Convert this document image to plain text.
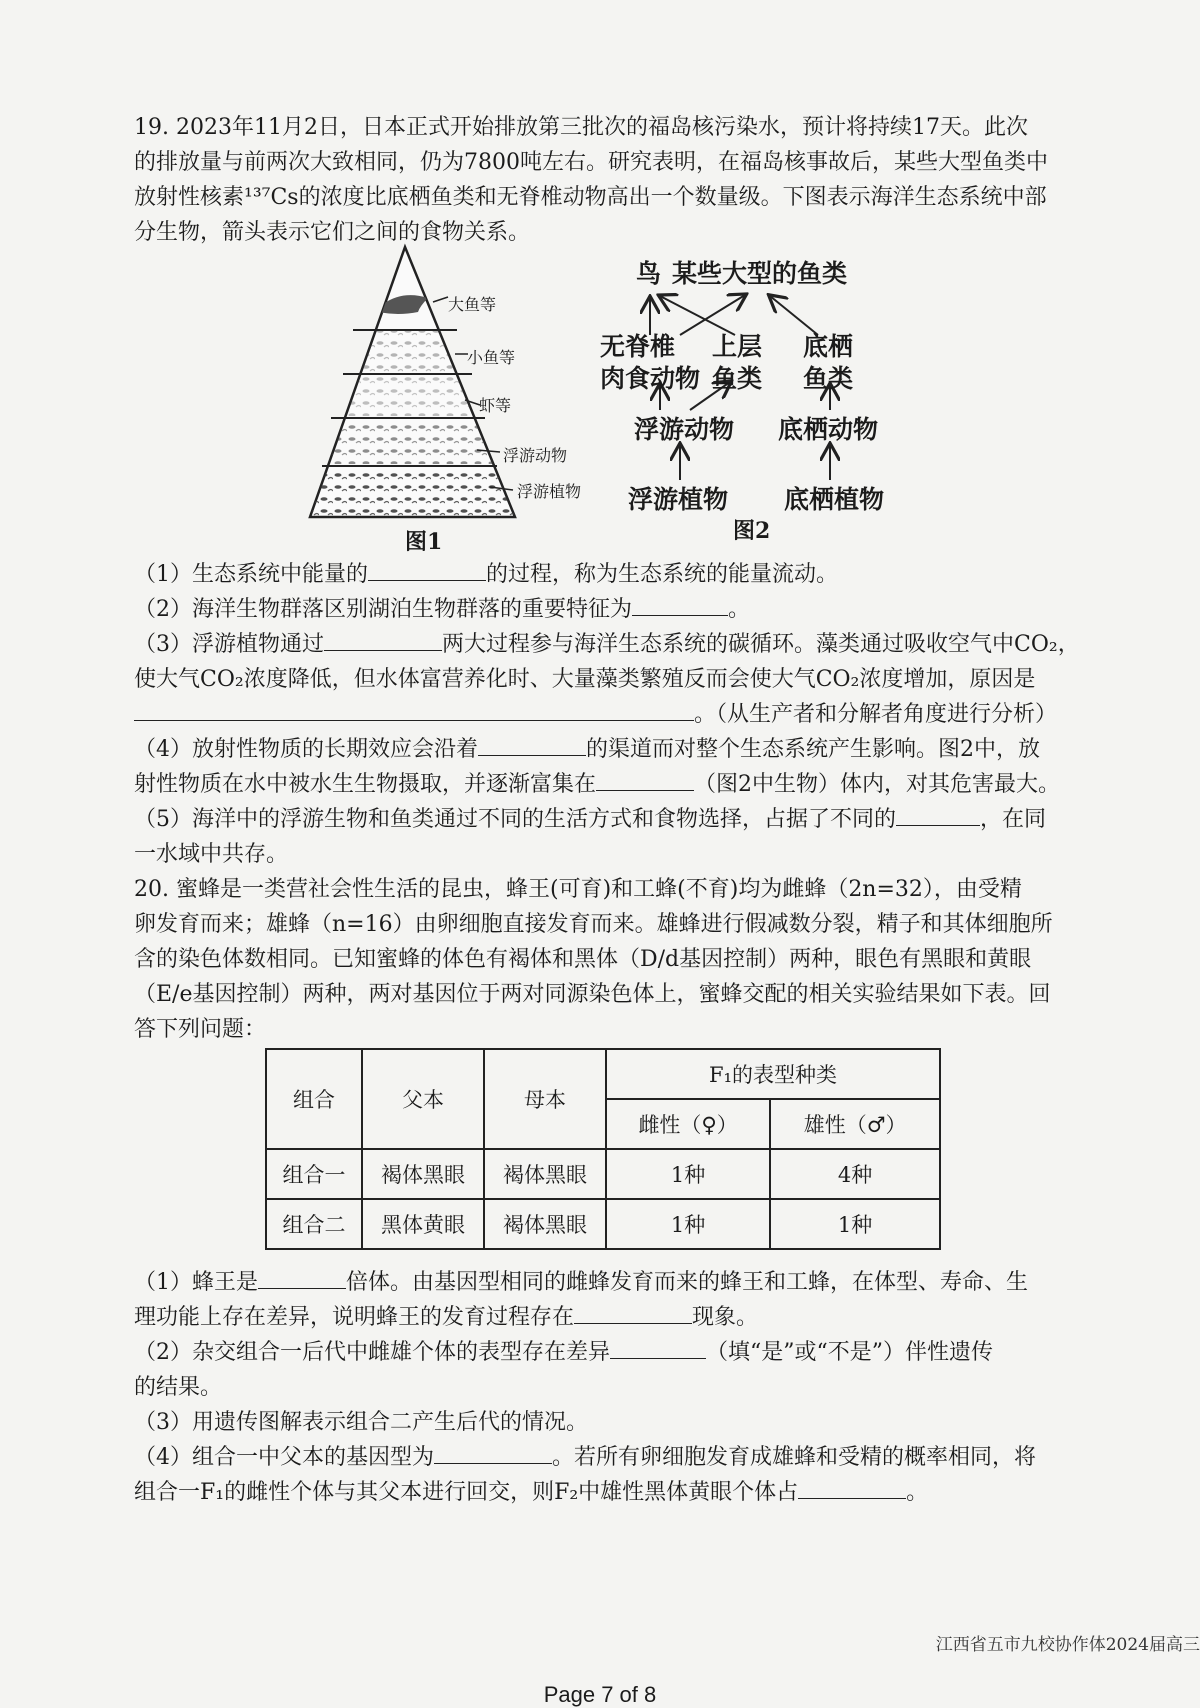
19. 2023年11月2日，日本正式开始排放第三批次的福岛核污染水，预计将持续17天。此次
的排放量与前两次大致相同，仍为7800吨左右。研究表明，在福岛核事故后，某些大型鱼类中
放射性核素¹³⁷Cs的浓度比底栖鱼类和无脊椎动物高出一个数量级。下图表示海洋生态系统中部
分生物，箭头表示它们之间的食物关系。
大鱼等
小鱼等
虾等
浮游动物
浮游植物
图1
鸟 某些大型的鱼类
无脊椎
肉食动物
上层
鱼类
底栖
鱼类
浮游动物 底栖动物
浮游植物 底栖植物
图2
（1）生态系统中能量的	的过程，称为生态系统的能量流动。
（2）海洋生物群落区别湖泊生物群落的重要特征为	。
（3）浮游植物通过	两大过程参与海洋生态系统的碳循环。藻类通过吸收空气中CO₂，
使大气CO₂浓度降低，但水体富营养化时、大量藻类繁殖反而会使大气CO₂浓度增加，原因是
。（从生产者和分解者角度进行分析）
（4）放射性物质的长期效应会沿着	的渠道而对整个生态系统产生影响。图2中，放
射性物质在水中被水生生物摄取，并逐渐富集在	（图2中生物）体内，对其危害最大。
（5）海洋中的浮游生物和鱼类通过不同的生活方式和食物选择，占据了不同的	，在同
一水域中共存。
20. 蜜蜂是一类营社会性生活的昆虫，蜂王(可育)和工蜂(不育)均为雌蜂（2n=32），由受精
卵发育而来；雄蜂（n=16）由卵细胞直接发育而来。雄蜂进行假减数分裂，精子和其体细胞所
含的染色体数相同。已知蜜蜂的体色有褐体和黑体（D/d基因控制）两种，眼色有黑眼和黄眼
（E/e基因控制）两种，两对基因位于两对同源染色体上，蜜蜂交配的相关实验结果如下表。回
答下列问题：
组合	父本	母本	F₁的表型种类	
			雌性（♀）	雄性（♂）
组合一	褐体黑眼	褐体黑眼	1种	4种
组合二	黑体黄眼	褐体黑眼	1种	1种
（1）蜂王是	倍体。由基因型相同的雌蜂发育而来的蜂王和工蜂，在体型、寿命、生
理功能上存在差异，说明蜂王的发育过程存在	现象。
（2）杂交组合一后代中雌雄个体的表型存在差异	（填“是”或“不是”）伴性遗传
的结果。
（3）用遗传图解表示组合二产生后代的情况。
（4）组合一中父本的基因型为	。若所有卵细胞发育成雄蜂和受精的概率相同，将
组合一F₁的雌性个体与其父本进行回交，则F₂中雄性黑体黄眼个体占	。
江西省五市九校协作体2024届高三
Page 7 of 8
